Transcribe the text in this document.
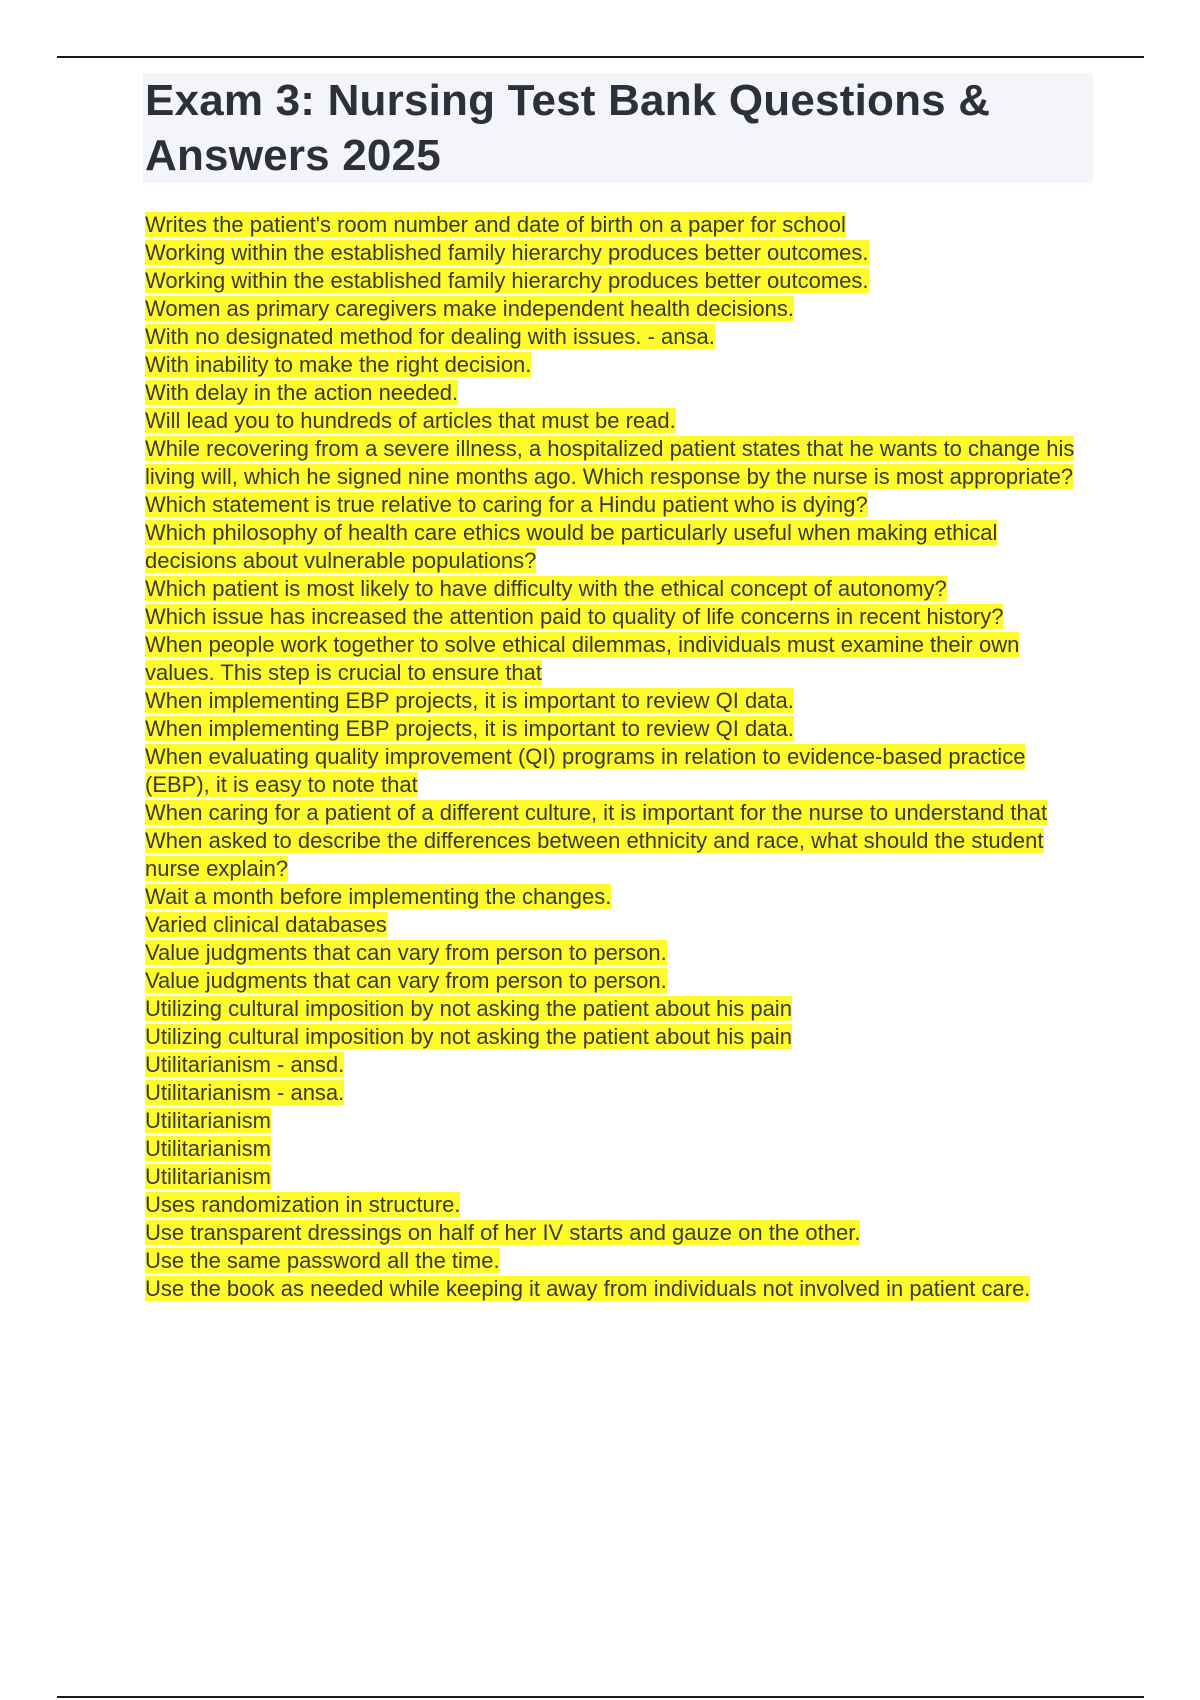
Exam 3: Nursing Test Bank Questions &
Answers 2025
Writes the patient's room number and date of birth on a paper for school
Working within the established family hierarchy produces better outcomes.
Working within the established family hierarchy produces better outcomes.
Women as primary caregivers make independent health decisions.
With no designated method for dealing with issues. - ansa.
With inability to make the right decision.
With delay in the action needed.
Will lead you to hundreds of articles that must be read.
While recovering from a severe illness, a hospitalized patient states that he wants to change his living will, which he signed nine months ago. Which response by the nurse is most appropriate?
Which statement is true relative to caring for a Hindu patient who is dying?
Which philosophy of health care ethics would be particularly useful when making ethical decisions about vulnerable populations?
Which patient is most likely to have difficulty with the ethical concept of autonomy?
Which issue has increased the attention paid to quality of life concerns in recent history?
When people work together to solve ethical dilemmas, individuals must examine their own values. This step is crucial to ensure that
When implementing EBP projects, it is important to review QI data.
When implementing EBP projects, it is important to review QI data.
When evaluating quality improvement (QI) programs in relation to evidence-based practice (EBP), it is easy to note that
When caring for a patient of a different culture, it is important for the nurse to understand that
When asked to describe the differences between ethnicity and race, what should the student nurse explain?
Wait a month before implementing the changes.
Varied clinical databases
Value judgments that can vary from person to person.
Value judgments that can vary from person to person.
Utilizing cultural imposition by not asking the patient about his pain
Utilizing cultural imposition by not asking the patient about his pain
Utilitarianism - ansd.
Utilitarianism - ansa.
Utilitarianism
Utilitarianism
Utilitarianism
Uses randomization in structure.
Use transparent dressings on half of her IV starts and gauze on the other.
Use the same password all the time.
Use the book as needed while keeping it away from individuals not involved in patient care.
